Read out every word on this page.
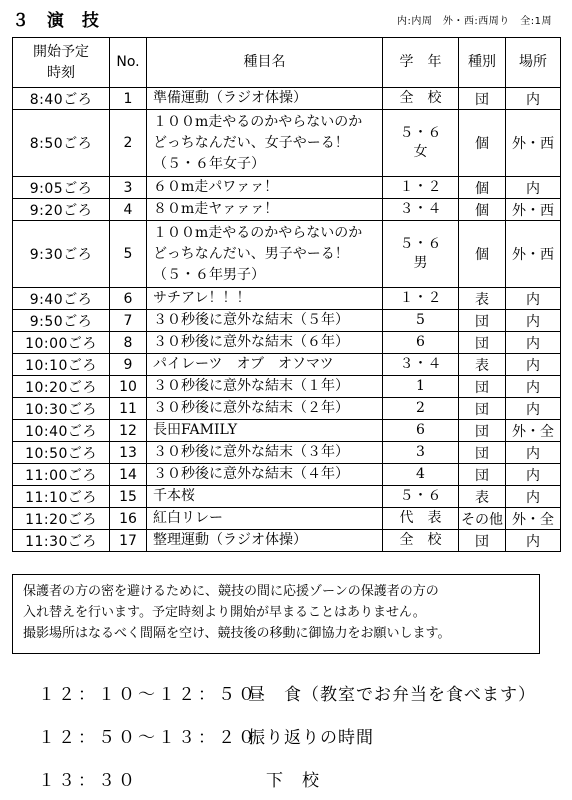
３ 演 技	内:内周　外・西:西周り　全:1周
開始予定
時刻	No.	種目名	学　年	種別	場所
8:40ごろ	1	準備運動（ラジオ体操）	全　校	団	内
8:50ごろ	2	１００m走やるのかやらないのか
どっちなんだい、女子やーる！
（５・６年女子）	５・６
女	個	外・西
9:05ごろ	3	６０m走パワァァ！	１・２	個	内
9:20ごろ	4	８０m走ヤァァァ！	３・４	個	外・西
9:30ごろ	5	１００m走やるのかやらないのか
どっちなんだい、男子やーる！
（５・６年男子）	５・６
男	個	外・西
9:40ごろ	6	サチアレ！！！	１・２	表	内
9:50ごろ	7	３０秒後に意外な結末（５年）	5	団	内
10:00ごろ	8	３０秒後に意外な結末（６年）	6	団	内
10:10ごろ	9	パイレーツ　オブ　オソマツ	３・４	表	内
10:20ごろ	10	３０秒後に意外な結末（１年）	1	団	内
10:30ごろ	11	３０秒後に意外な結末（２年）	2	団	内
10:40ごろ	12	長田FAMILY	6	団	外・全
10:50ごろ	13	３０秒後に意外な結末（３年）	3	団	内
11:00ごろ	14	３０秒後に意外な結末（４年）	4	団	内
11:10ごろ	15	千本桜	５・６	表	内
11:20ごろ	16	紅白リレー	代　表	その他	外・全
11:30ごろ	17	整理運動（ラジオ体操）	全　校	団	内
保護者の方の密を避けるために、競技の間に応援ゾーンの保護者の方の
入れ替えを行います。予定時刻より開始が早まることはありません。
撮影場所はなるべく間隔を空け、競技後の移動に御協力をお願いします。
１２：１０〜１２：５０昼　食（教室でお弁当を食べます）
１２：５０〜１３：２０振り返りの時間
１３：３０	　下　校
